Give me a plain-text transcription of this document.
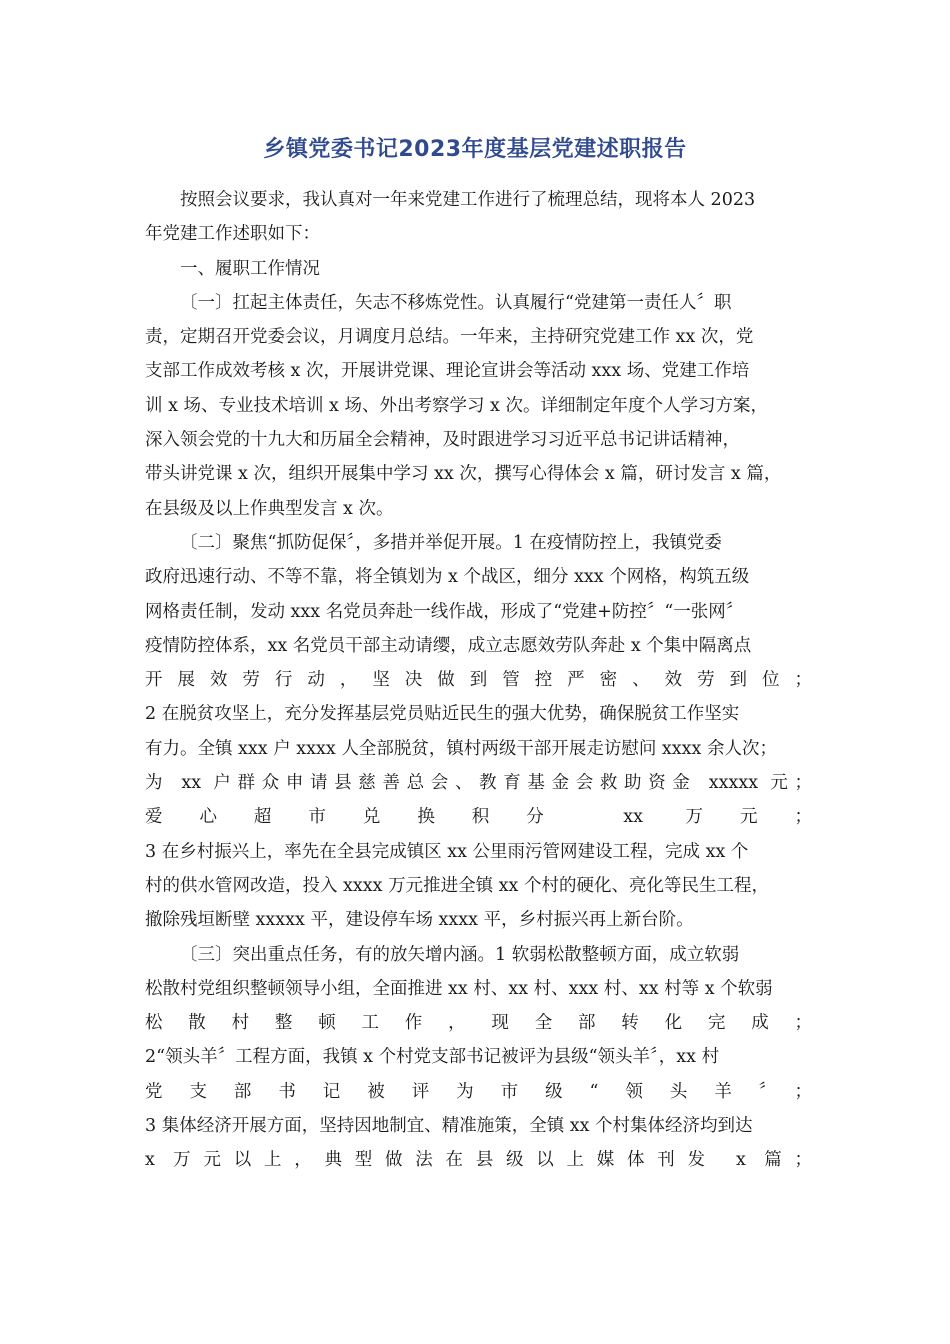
乡镇党委书记2023年度基层党建述职报告
按照会议要求，我认真对一年来党建工作进行了梳理总结，现将本人 2023
年党建工作述职如下：
一、履职工作情况
〔一〕扛起主体责任，矢志不移炼党性。认真履行“党建第一责任人〞职
责，定期召开党委会议，月调度月总结。一年来，主持研究党建工作 xx 次，党
支部工作成效考核 x 次，开展讲党课、理论宣讲会等活动 xxx 场、党建工作培
训 x 场、专业技术培训 x 场、外出考察学习 x 次。详细制定年度个人学习方案，
深入领会党的十九大和历届全会精神，及时跟进学习习近平总书记讲话精神，
带头讲党课 x 次，组织开展集中学习 xx 次，撰写心得体会 x 篇，研讨发言 x 篇，
在县级及以上作典型发言 x 次。
〔二〕聚焦“抓防促保〞，多措并举促开展。1 在疫情防控上，我镇党委
政府迅速行动、不等不靠，将全镇划为 x 个战区，细分 xxx 个网格，构筑五级
网格责任制，发动 xxx 名党员奔赴一线作战，形成了“党建+防控〞“一张网〞
疫情防控体系，xx 名党员干部主动请缨，成立志愿效劳队奔赴 x 个集中隔离点
开展效劳行动，坚决做到管控严密、效劳到位；
2 在脱贫攻坚上，充分发挥基层党员贴近民生的强大优势，确保脱贫工作坚实
有力。全镇 xxx 户 xxxx 人全部脱贫，镇村两级干部开展走访慰问 xxxx 余人次；
为 xx 户群众申请县慈善总会、教育基金会救助资金 xxxxx 元；
爱心超市兑换积分 xx 万元；
3 在乡村振兴上，率先在全县完成镇区 xx 公里雨污管网建设工程，完成 xx 个
村的供水管网改造，投入 xxxx 万元推进全镇 xx 个村的硬化、亮化等民生工程，
撤除残垣断壁 xxxxx 平，建设停车场 xxxx 平，乡村振兴再上新台阶。
〔三〕突出重点任务，有的放矢增内涵。1 软弱松散整顿方面，成立软弱
松散村党组织整顿领导小组，全面推进 xx 村、xx 村、xxx 村、xx 村等 x 个软弱
松散村整顿工作，现全部转化完成；
2“领头羊〞工程方面，我镇 x 个村党支部书记被评为县级“领头羊〞，xx 村
党支部书记被评为市级“领头羊〞；
3 集体经济开展方面，坚持因地制宜、精准施策，全镇 xx 个村集体经济均到达
x 万元以上，典型做法在县级以上媒体刊发 x 篇；
